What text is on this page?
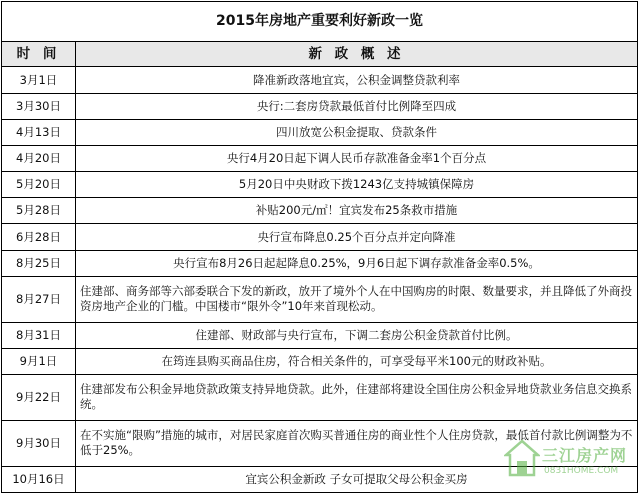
2015年房地产重要利好新政一览	
时 间	新 政 概 述
3月1日	降准新政落地宜宾，公积金调整贷款利率
3月30日	央行:二套房贷款最低首付比例降至四成
4月13日	四川放宽公积金提取、贷款条件
4月20日	央行4月20日起下调人民币存款准备金率1个百分点
5月20日	5月20日中央财政下拨1243亿支持城镇保障房
5月28日	补贴200元/㎡！宜宾发布25条救市措施
6月28日	央行宣布降息0.25个百分点并定向降准
8月25日	央行宣布8月26日起起降息0.25%，9月6日起下调存款准备金率0.5%。
8月27日	住建部、商务部等六部委联合下发的新政，放开了境外个人在中国购房的时限、数量要求，并且降低了外商投资房地产企业的门槛。中国楼市“限外令”10年来首现松动。
8月31日	住建部、财政部与央行宣布，下调二套房公积金贷款首付比例。
9月1日	在筠连县购买商品住房，符合相关条件的，可享受每平米100元的财政补贴。
9月22日	住建部发布公积金异地贷款政策支持异地贷款。此外，住建部将建设全国住房公积金异地贷款业务信息交换系统。
9月30日	在不实施“限购”措施的城市，对居民家庭首次购买普通住房的商业性个人住房贷款，最低首付款比例调整为不低于25%。
10月16日	宜宾公积金新政 子女可提取父母公积金买房
三江房产网
0831HOME.COM
